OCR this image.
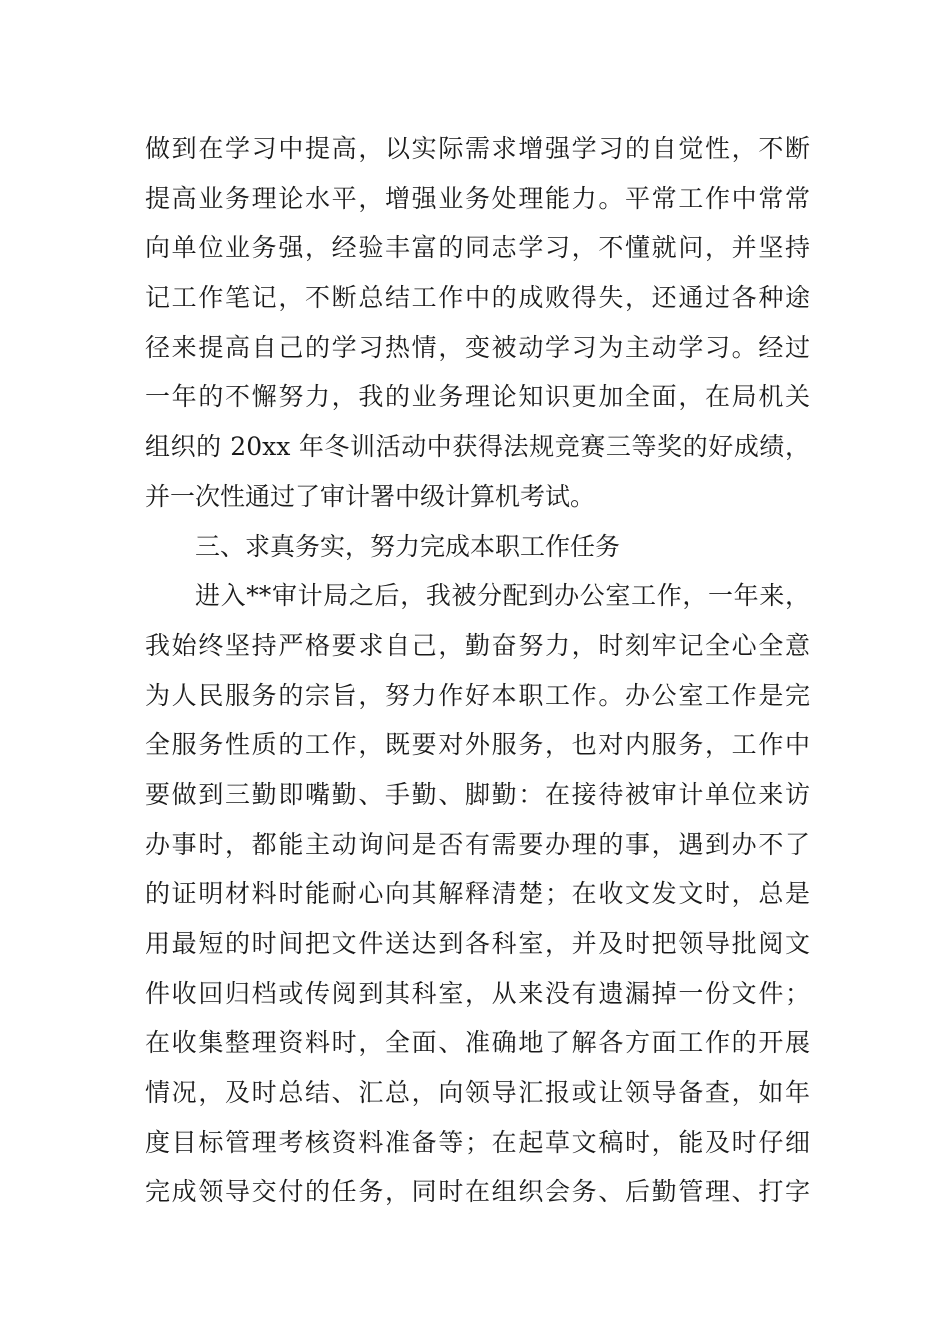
做到在学习中提高，以实际需求增强学习的自觉性，不断
提高业务理论水平，增强业务处理能力。平常工作中常常
向单位业务强，经验丰富的同志学习，不懂就问，并坚持
记工作笔记，不断总结工作中的成败得失，还通过各种途
径来提高自己的学习热情，变被动学习为主动学习。经过
一年的不懈努力，我的业务理论知识更加全面，在局机关
组织的 20xx 年冬训活动中获得法规竞赛三等奖的好成绩，
并一次性通过了审计署中级计算机考试。
三、求真务实，努力完成本职工作任务
进入**审计局之后，我被分配到办公室工作，一年来，
我始终坚持严格要求自己，勤奋努力，时刻牢记全心全意
为人民服务的宗旨，努力作好本职工作。办公室工作是完
全服务性质的工作，既要对外服务，也对内服务，工作中
要做到三勤即嘴勤、手勤、脚勤：在接待被审计单位来访
办事时，都能主动询问是否有需要办理的事，遇到办不了
的证明材料时能耐心向其解释清楚；在收文发文时，总是
用最短的时间把文件送达到各科室，并及时把领导批阅文
件收回归档或传阅到其科室，从来没有遗漏掉一份文件；
在收集整理资料时，全面、准确地了解各方面工作的开展
情况，及时总结、汇总，向领导汇报或让领导备查，如年
度目标管理考核资料准备等；在起草文稿时，能及时仔细
完成领导交付的任务，同时在组织会务、后勤管理、打字
